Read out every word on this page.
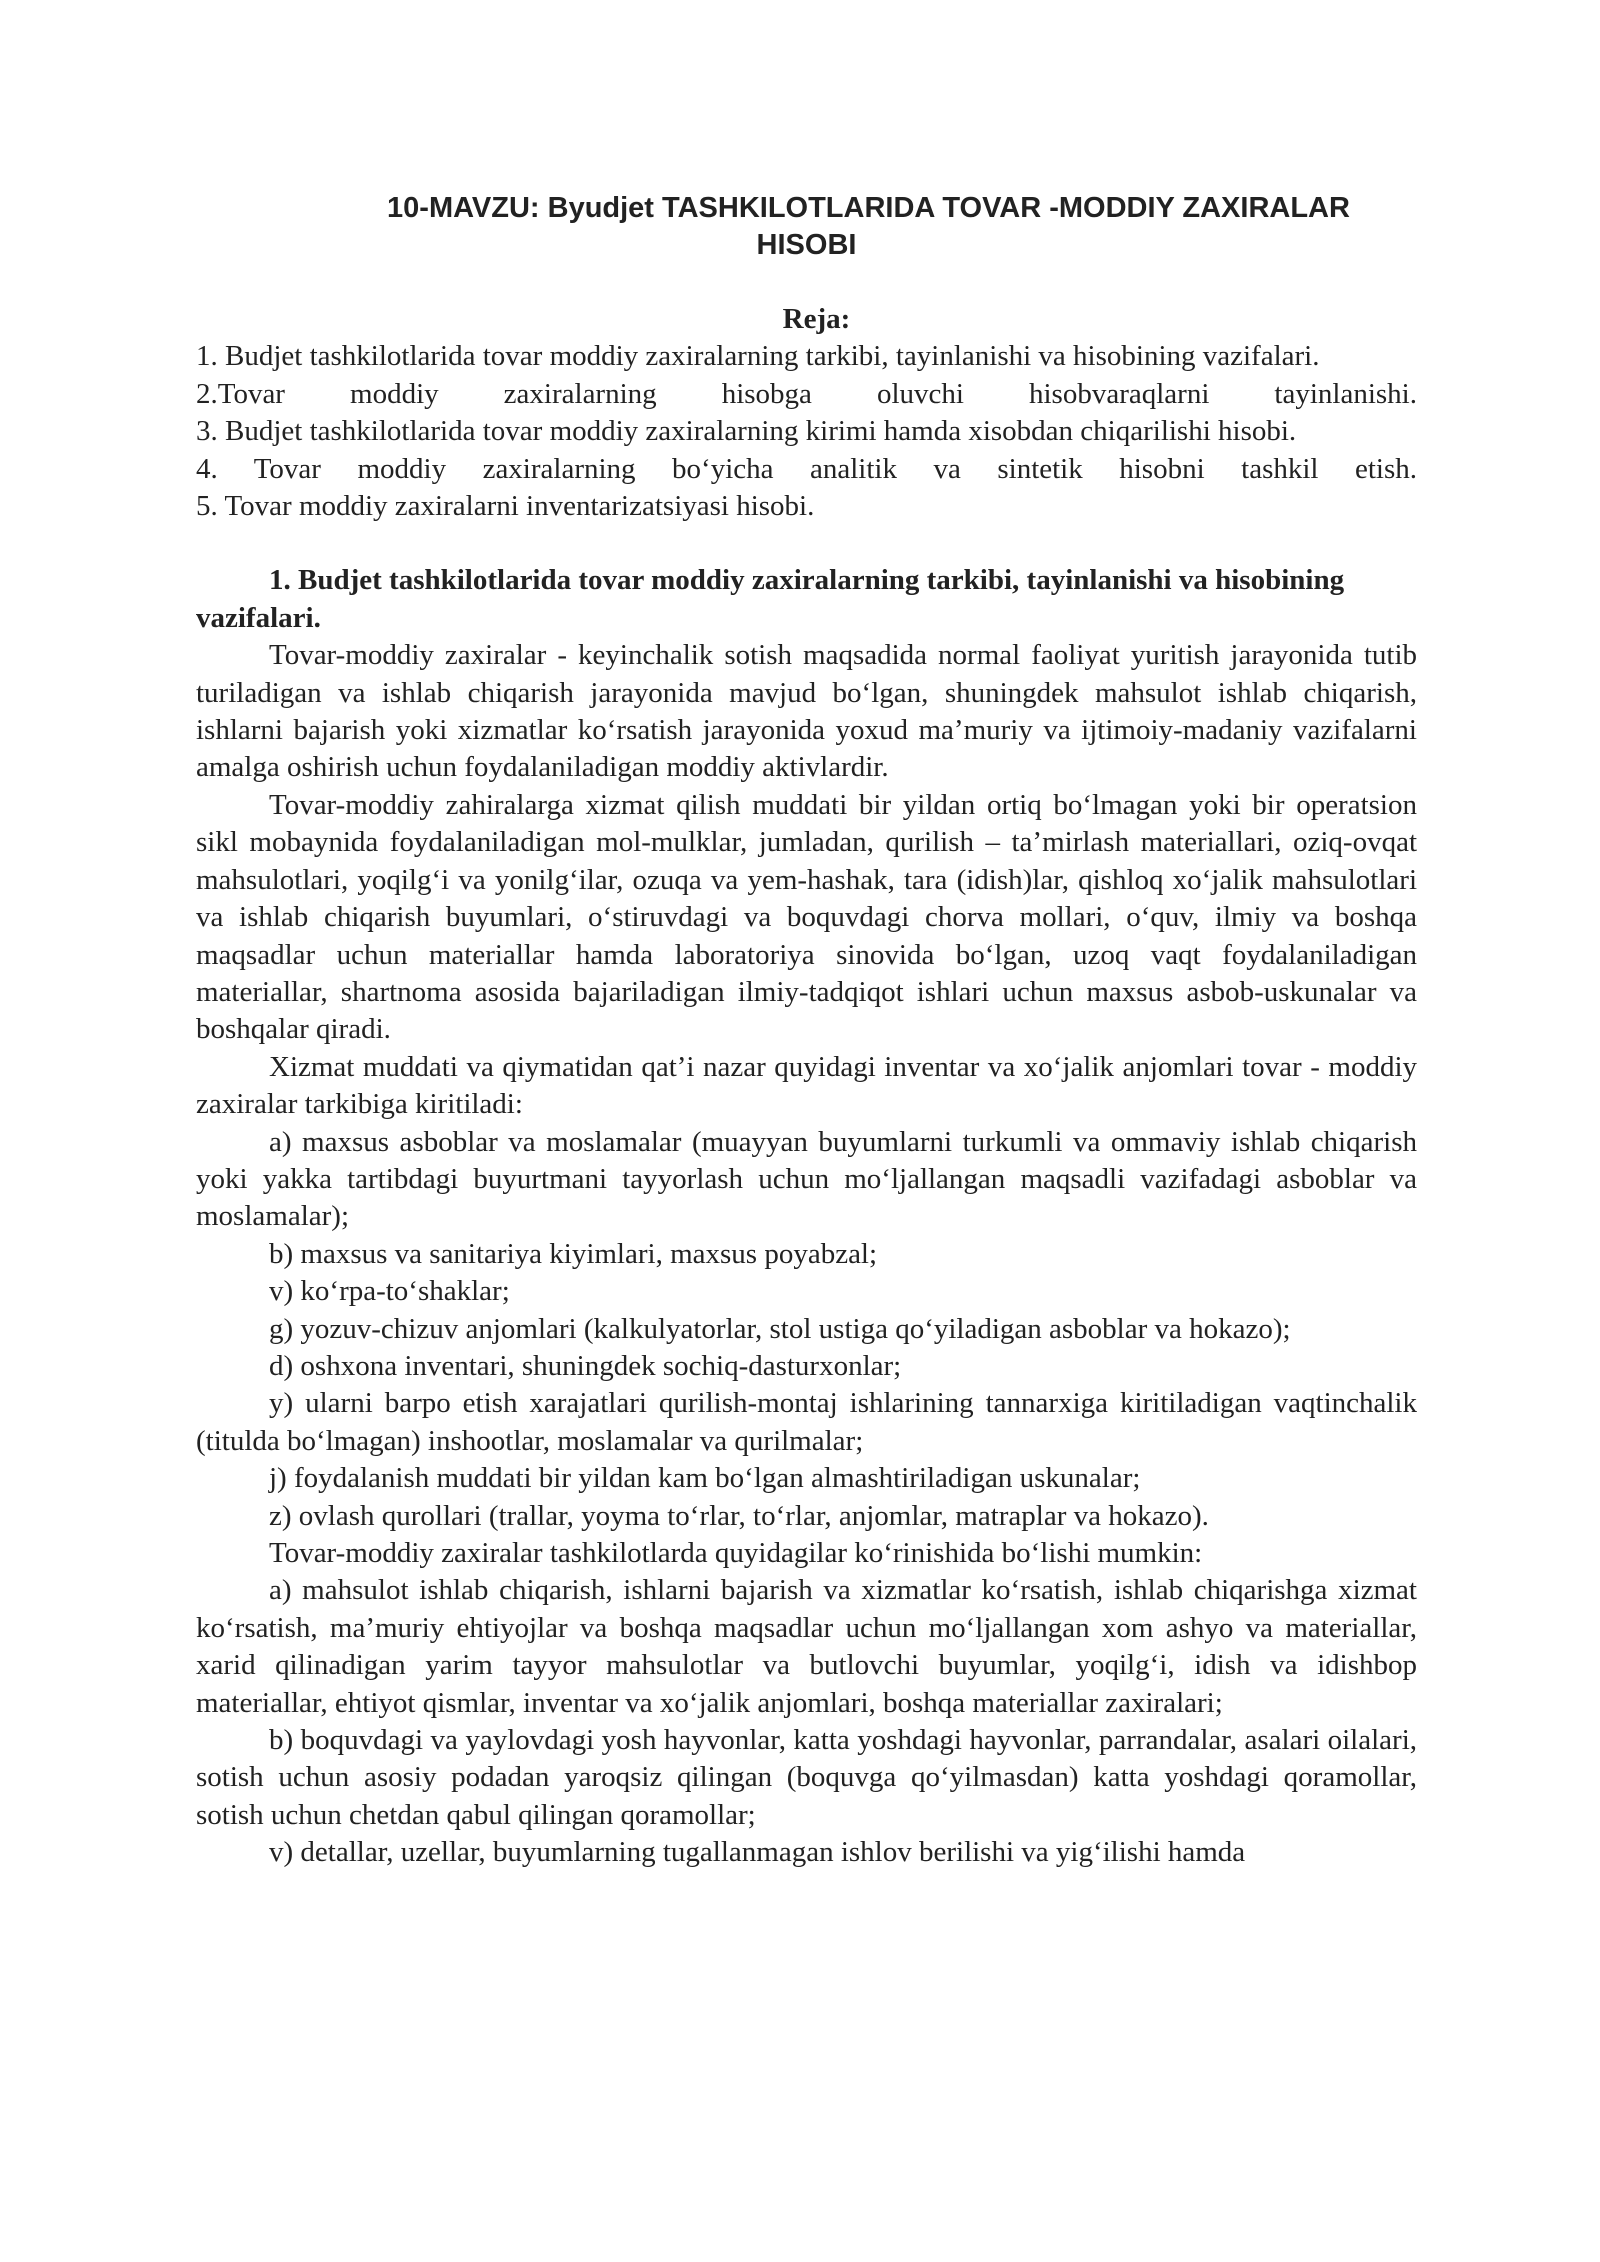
10-MAVZU: Byudjet TASHKILOTLARIDA TOVAR -MODDIY ZAXIRALAR
HISOBI
Reja:
1. Budjet tashkilotlarida tovar moddiy zaxiralarning tarkibi, tayinlanishi va hisobining vazifalari.
2.Tovar moddiy zaxiralarning hisobga oluvchi hisobvaraqlarni tayinlanishi.
3. Budjet tashkilotlarida tovar moddiy zaxiralarning kirimi hamda xisobdan chiqarilishi hisobi.
4. Tovar moddiy zaxiralarning bo‘yicha analitik va sintetik hisobni tashkil etish.
5. Tovar moddiy zaxiralarni inventarizatsiyasi hisobi.
1. Budjet tashkilotlarida tovar moddiy zaxiralarning tarkibi, tayinlanishi va hisobining vazifalari.

Tovar-moddiy zaxiralar - keyinchalik sotish maqsadida normal faoliyat yuritish jarayonida tutib turiladigan va ishlab chiqarish jarayonida mavjud bo‘lgan, shuningdek mahsulot ishlab chiqarish, ishlarni bajarish yoki xizmatlar ko‘rsatish jarayonida yoxud ma’muriy va ijtimoiy-madaniy vazifalarni amalga oshirish uchun foydalaniladigan moddiy aktivlardir.

Tovar-moddiy zahiralarga xizmat qilish muddati bir yildan ortiq bo‘lmagan yoki bir operatsion sikl mobaynida foydalaniladigan mol-mulklar, jumladan, qurilish – ta’mirlash materiallari, oziq-ovqat mahsulotlari, yoqilg‘i va yonilg‘ilar, ozuqa va yem-hashak, tara (idish)lar, qishloq xo‘jalik mahsulotlari va ishlab chiqarish buyumlari, o‘stiruvdagi va boquvdagi chorva mollari, o‘quv, ilmiy va boshqa maqsadlar uchun materiallar hamda laboratoriya sinovida bo‘lgan, uzoq vaqt foydalaniladigan materiallar, shartnoma asosida bajariladigan ilmiy-tadqiqot ishlari uchun maxsus asbob-uskunalar va boshqalar qiradi.

Xizmat muddati va qiymatidan qat’i nazar quyidagi inventar va xo‘jalik anjomlari tovar - moddiy zaxiralar tarkibiga kiritiladi:

a) maxsus asboblar va moslamalar (muayyan buyumlarni turkumli va ommaviy ishlab chiqarish yoki yakka tartibdagi buyurtmani tayyorlash uchun mo‘ljallangan maqsadli vazifadagi asboblar va moslamalar);

b) maxsus va sanitariya kiyimlari, maxsus poyabzal;

v) ko‘rpa-to‘shaklar;

g) yozuv-chizuv anjomlari (kalkulyatorlar, stol ustiga qo‘yiladigan asboblar va hokazo);

d) oshxona inventari, shuningdek sochiq-dasturxonlar;

y) ularni barpo etish xarajatlari qurilish-montaj ishlarining tannarxiga kiritiladigan vaqtinchalik (titulda bo‘lmagan) inshootlar, moslamalar va qurilmalar;

j) foydalanish muddati bir yildan kam bo‘lgan almashtiriladigan uskunalar;

z) ovlash qurollari (trallar, yoyma to‘rlar, to‘rlar, anjomlar, matraplar va hokazo).

Tovar-moddiy zaxiralar tashkilotlarda quyidagilar ko‘rinishida bo‘lishi mumkin:

a) mahsulot ishlab chiqarish, ishlarni bajarish va xizmatlar ko‘rsatish, ishlab chiqarishga xizmat ko‘rsatish, ma’muriy ehtiyojlar va boshqa maqsadlar uchun mo‘ljallangan xom ashyo va materiallar, xarid qilinadigan yarim tayyor mahsulotlar va butlovchi buyumlar, yoqilg‘i, idish va idishbop materiallar, ehtiyot qismlar, inventar va xo‘jalik anjomlari, boshqa materiallar zaxiralari;

b) boquvdagi va yaylovdagi yosh hayvonlar, katta yoshdagi hayvonlar, parrandalar, asalari oilalari, sotish uchun asosiy podadan yaroqsiz qilingan (boquvga qo‘yilmasdan) katta yoshdagi qoramollar, sotish uchun chetdan qabul qilingan qoramollar;

v) detallar, uzellar, buyumlarning tugallanmagan ishlov berilishi va yig‘ilishi hamda
